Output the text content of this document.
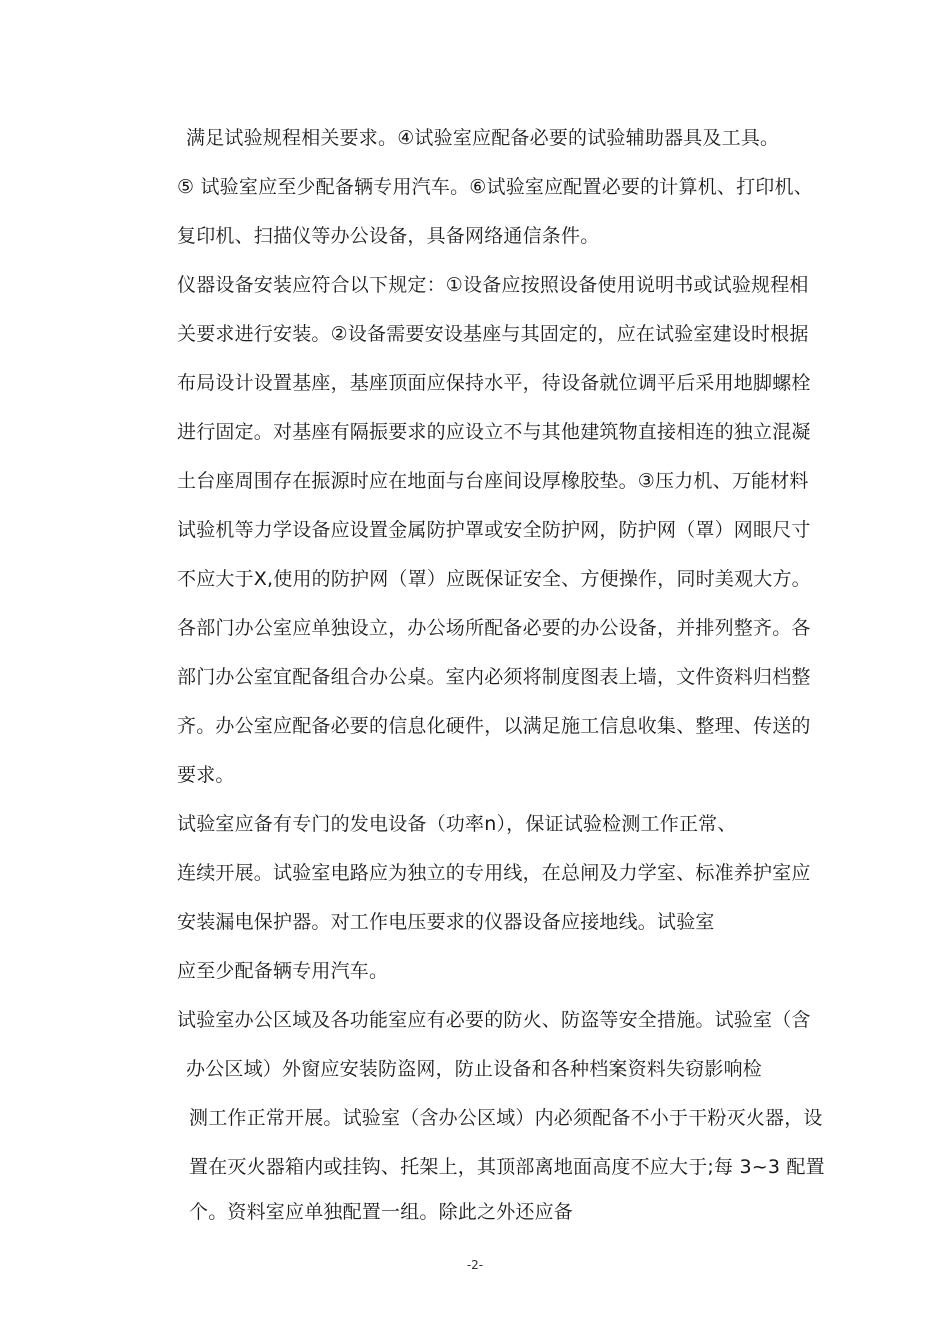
满足试验规程相关要求。④试验室应配备必要的试验辅助器具及工具。
⑤ 试验室应至少配备辆专用汽车。⑥试验室应配置必要的计算机、打印机、
复印机、扫描仪等办公设备，具备网络通信条件。
仪器设备安装应符合以下规定：①设备应按照设备使用说明书或试验规程相
关要求进行安装。②设备需要安设基座与其固定的，应在试验室建设时根据
布局设计设置基座，基座顶面应保持水平，待设备就位调平后采用地脚螺栓
进行固定。对基座有隔振要求的应设立不与其他建筑物直接相连的独立混凝
土台座周围存在振源时应在地面与台座间设厚橡胶垫。③压力机、万能材料
试验机等力学设备应设置金属防护罩或安全防护网，防护网（罩）网眼尺寸
不应大于X,使用的防护网（罩）应既保证安全、方便操作，同时美观大方。
各部门办公室应单独设立，办公场所配备必要的办公设备，并排列整齐。各
部门办公室宜配备组合办公桌。室内必须将制度图表上墙，文件资料归档整
齐。办公室应配备必要的信息化硬件，以满足施工信息收集、整理、传送的
要求。
试验室应备有专门的发电设备（功率n），保证试验检测工作正常、
连续开展。试验室电路应为独立的专用线，在总闸及力学室、标准养护室应
安装漏电保护器。对工作电压要求的仪器设备应接地线。试验室
应至少配备辆专用汽车。
试验室办公区域及各功能室应有必要的防火、防盗等安全措施。试验室（含
办公区域）外窗应安装防盗网，防止设备和各种档案资料失窃影响检
测工作正常开展。试验室（含办公区域）内必须配备不小于干粉灭火器，设
置在灭火器箱内或挂钩、托架上，其顶部离地面高度不应大于;每 3~3 配置
个。资料室应单独配置一组。除此之外还应备
-2-
